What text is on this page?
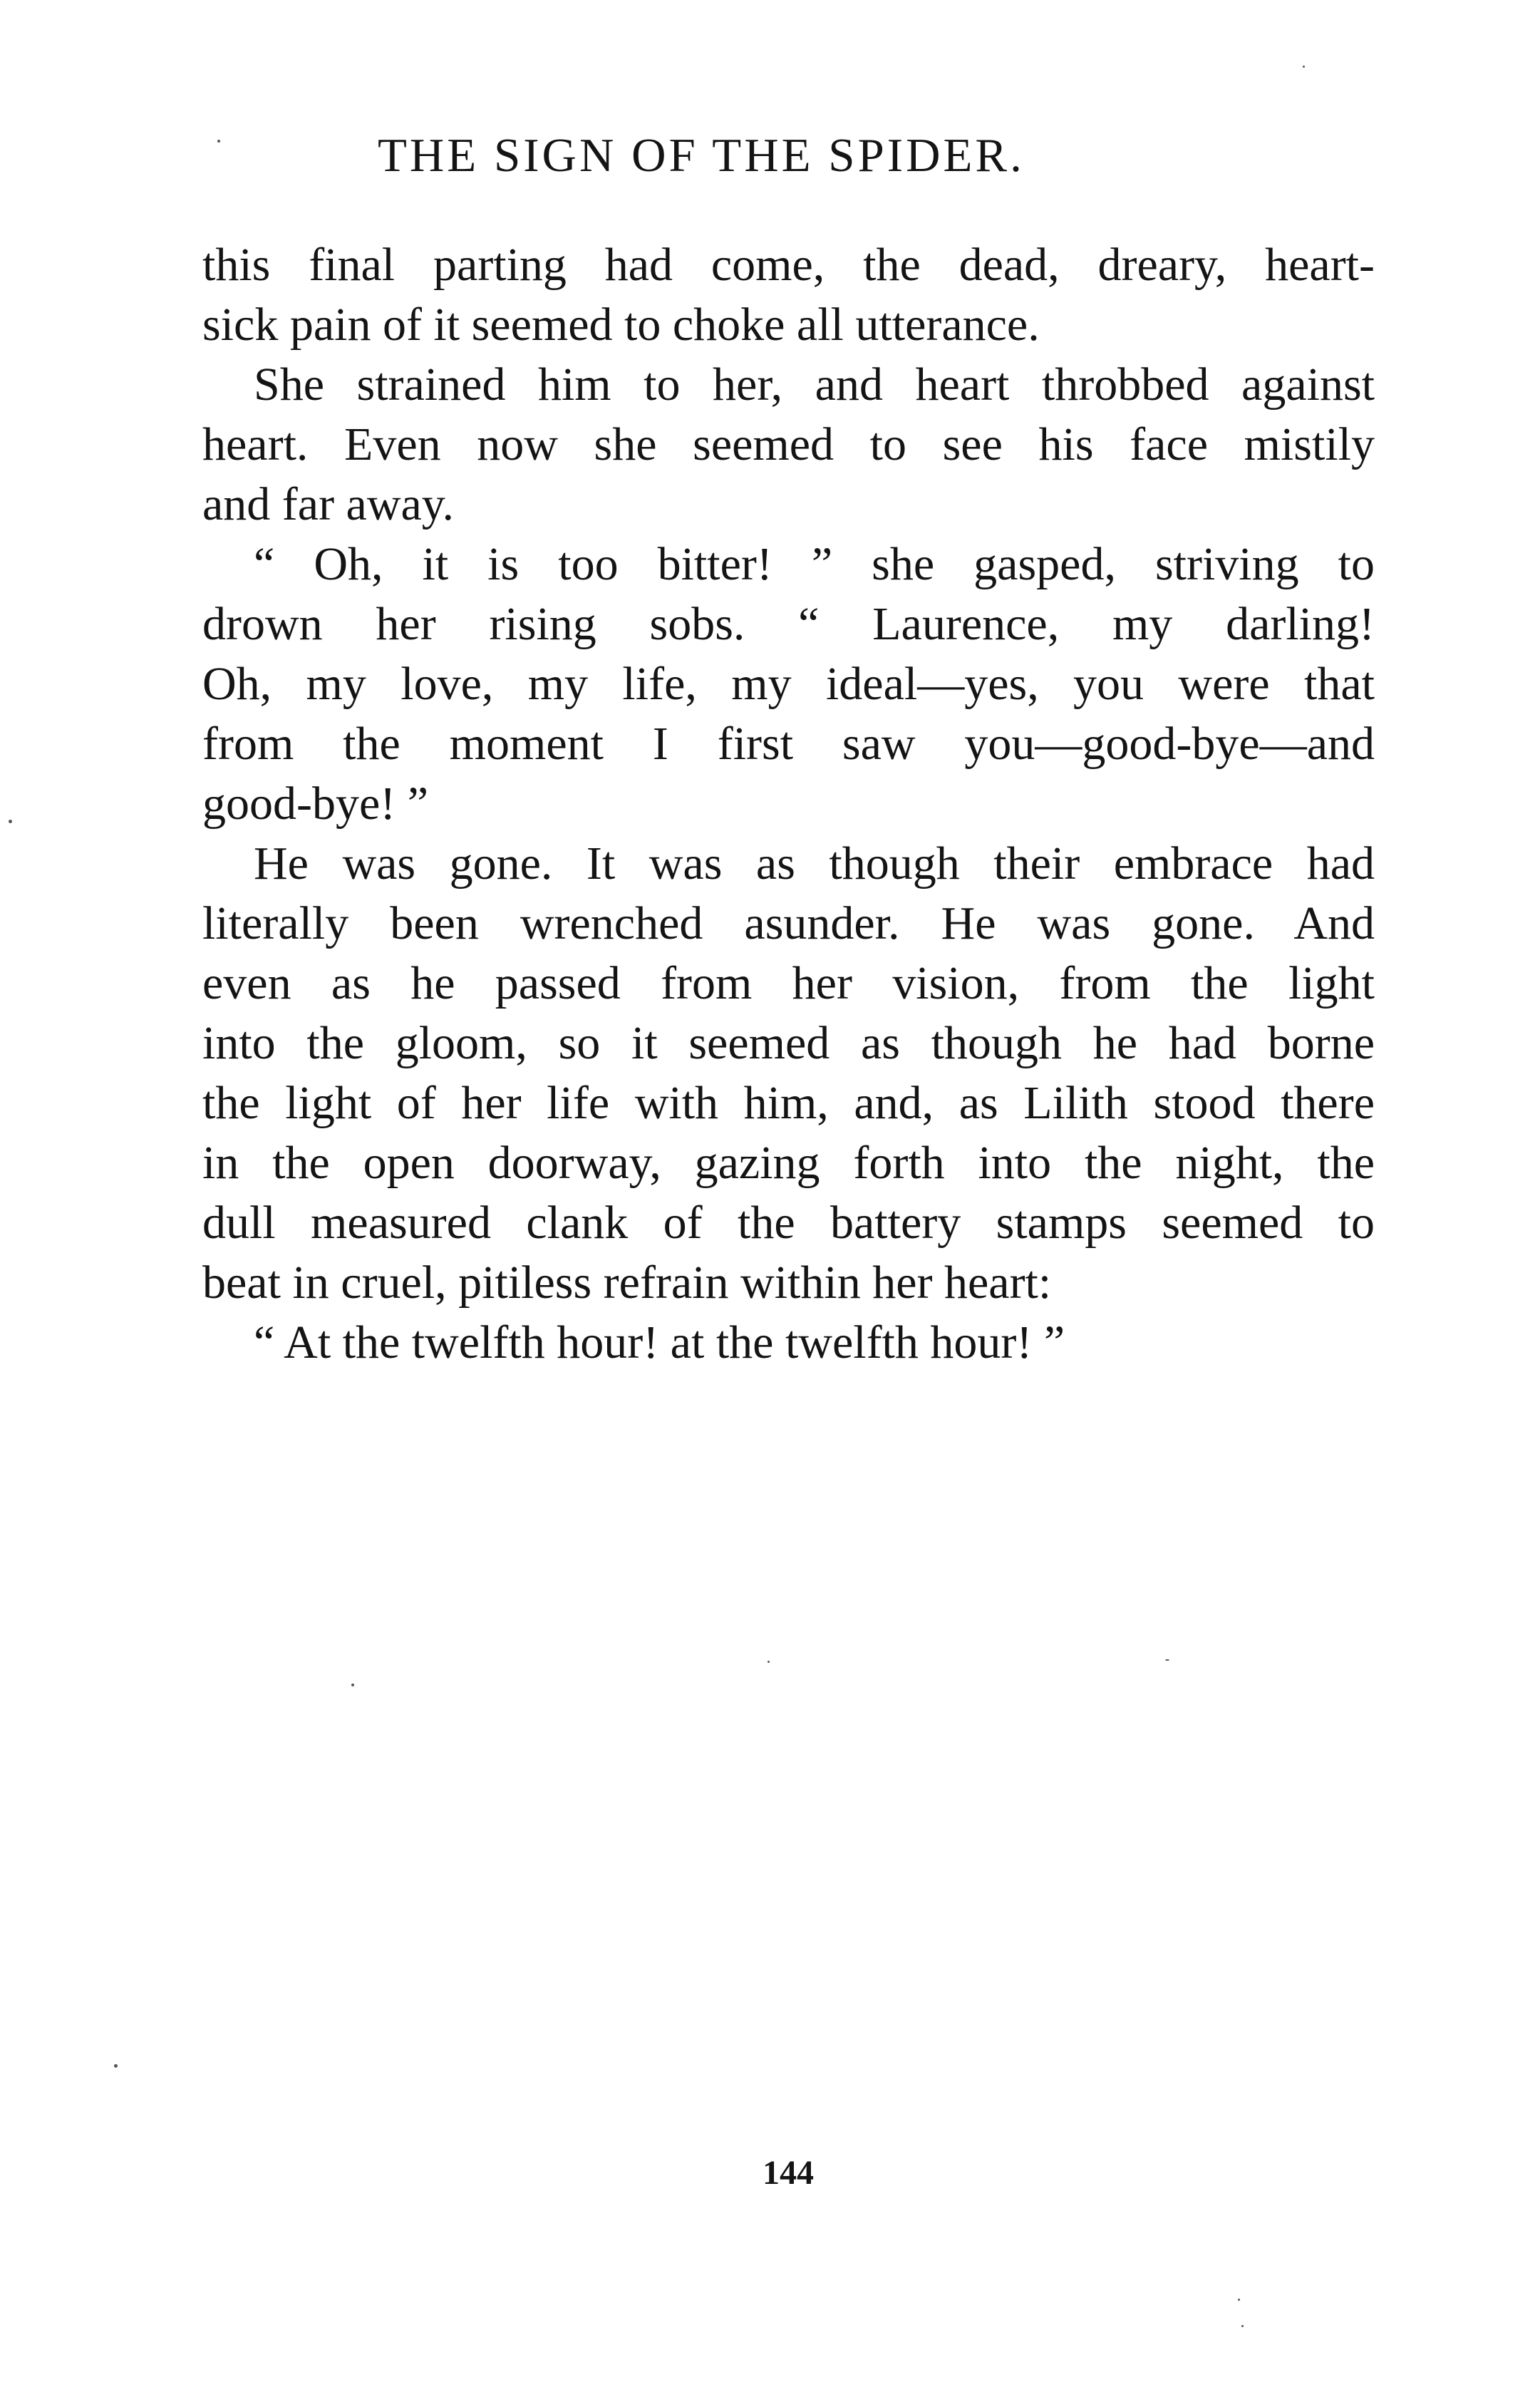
THE SIGN OF THE SPIDER.
this final parting had come, the dead, dreary, heart-
sick pain of it seemed to choke all utterance.
She strained him to her, and heart throbbed against
heart. Even now she seemed to see his face mistily
and far away.
“ Oh, it is too bitter! ” she gasped, striving to
drown her rising sobs. “ Laurence, my darling!
Oh, my love, my life, my ideal—yes, you were that
from the moment I first saw you—good-bye—and
good-bye! ”
He was gone. It was as though their embrace had
literally been wrenched asunder. He was gone. And
even as he passed from her vision, from the light
into the gloom, so it seemed as though he had borne
the light of her life with him, and, as Lilith stood there
in the open doorway, gazing forth into the night, the
dull measured clank of the battery stamps seemed to
beat in cruel, pitiless refrain within her heart:
“ At the twelfth hour! at the twelfth hour! ”
144
